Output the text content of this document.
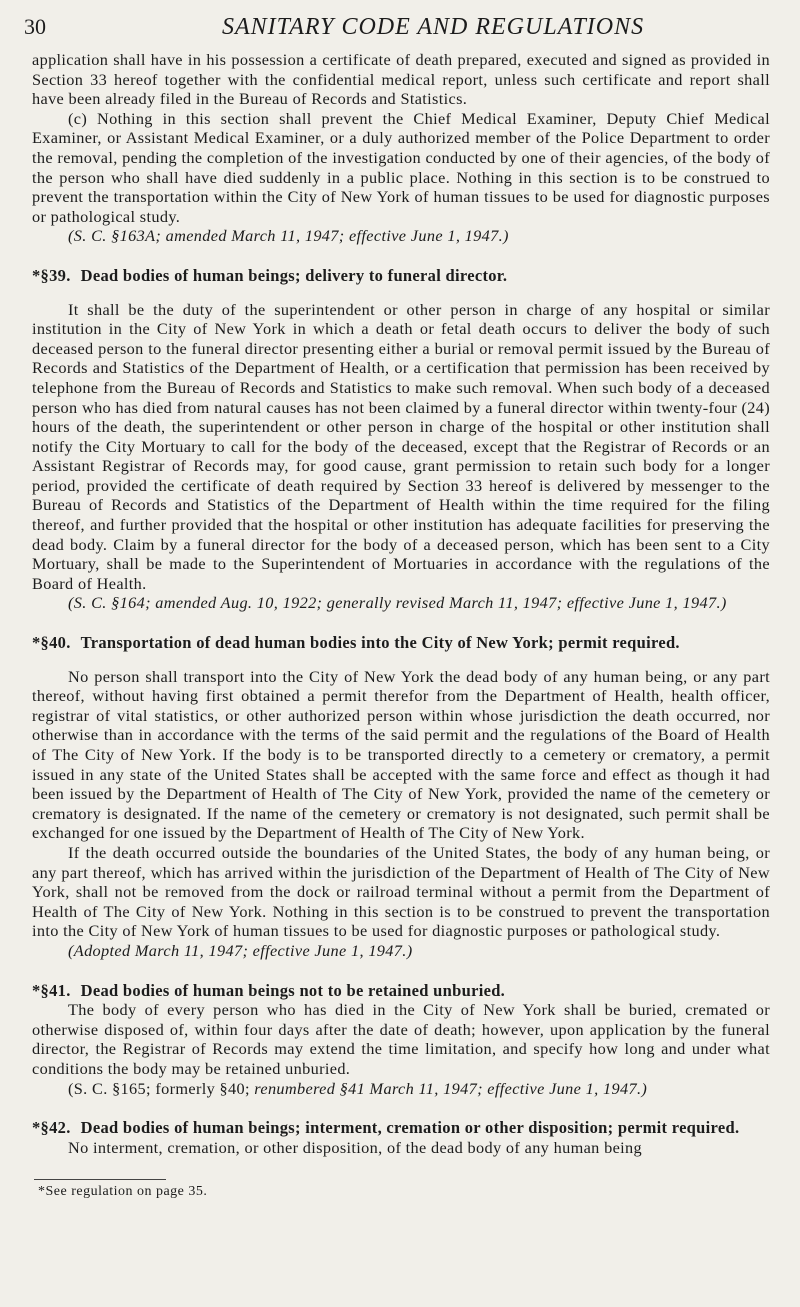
30	SANITARY CODE AND REGULATIONS

application shall have in his possession a certificate of death prepared, executed and signed as provided in Section 33 hereof together with the confidential medical report, unless such certificate and report shall have been already filed in the Bureau of Records and Statistics.

(c) Nothing in this section shall prevent the Chief Medical Examiner, Deputy Chief Medical Examiner, or Assistant Medical Examiner, or a duly authorized member of the Police Department to order the removal, pending the completion of the investigation conducted by one of their agencies, of the body of the person who shall have died suddenly in a public place. Nothing in this section is to be construed to prevent the transportation within the City of New York of human tissues to be used for diagnostic purposes or pathological study.

(S. C. §163A; amended March 11, 1947; effective June 1, 1947.)

*§39. Dead bodies of human beings; delivery to funeral director.

It shall be the duty of the superintendent or other person in charge of any hospital or similar institution in the City of New York in which a death or fetal death occurs to deliver the body of such deceased person to the funeral director presenting either a burial or removal permit issued by the Bureau of Records and Statistics of the Department of Health, or a certification that permission has been received by telephone from the Bureau of Records and Statistics to make such removal. When such body of a deceased person who has died from natural causes has not been claimed by a funeral director within twenty-four (24) hours of the death, the superintendent or other person in charge of the hospital or other institution shall notify the City Mortuary to call for the body of the deceased, except that the Registrar of Records or an Assistant Registrar of Records may, for good cause, grant permission to retain such body for a longer period, provided the certificate of death required by Section 33 hereof is delivered by messenger to the Bureau of Records and Statistics of the Department of Health within the time required for the filing thereof, and further provided that the hospital or other institution has adequate facilities for preserving the dead body. Claim by a funeral director for the body of a deceased person, which has been sent to a City Mortuary, shall be made to the Superintendent of Mortuaries in accordance with the regulations of the Board of Health.

(S. C. §164; amended Aug. 10, 1922; generally revised March 11, 1947; effective June 1, 1947.)

*§40. Transportation of dead human bodies into the City of New York; permit required.

No person shall transport into the City of New York the dead body of any human being, or any part thereof, without having first obtained a permit therefor from the Department of Health, health officer, registrar of vital statistics, or other authorized person within whose jurisdiction the death occurred, nor otherwise than in accordance with the terms of the said permit and the regulations of the Board of Health of The City of New York. If the body is to be transported directly to a cemetery or crematory, a permit issued in any state of the United States shall be accepted with the same force and effect as though it had been issued by the Department of Health of The City of New York, provided the name of the cemetery or crematory is designated. If the name of the cemetery or crematory is not designated, such permit shall be exchanged for one issued by the Department of Health of The City of New York.

If the death occurred outside the boundaries of the United States, the body of any human being, or any part thereof, which has arrived within the jurisdiction of the Department of Health of The City of New York, shall not be removed from the dock or railroad terminal without a permit from the Department of Health of The City of New York. Nothing in this section is to be construed to prevent the transportation into the City of New York of human tissues to be used for diagnostic purposes or pathological study.

(Adopted March 11, 1947; effective June 1, 1947.)

*§41. Dead bodies of human beings not to be retained unburied.

The body of every person who has died in the City of New York shall be buried, cremated or otherwise disposed of, within four days after the date of death; however, upon application by the funeral director, the Registrar of Records may extend the time limitation, and specify how long and under what conditions the body may be retained unburied.

(S. C. §165; formerly §40; renumbered §41 March 11, 1947; effective June 1, 1947.)

*§42. Dead bodies of human beings; interment, cremation or other disposition; permit required.

No interment, cremation, or other disposition, of the dead body of any human being

*See regulation on page 35.
